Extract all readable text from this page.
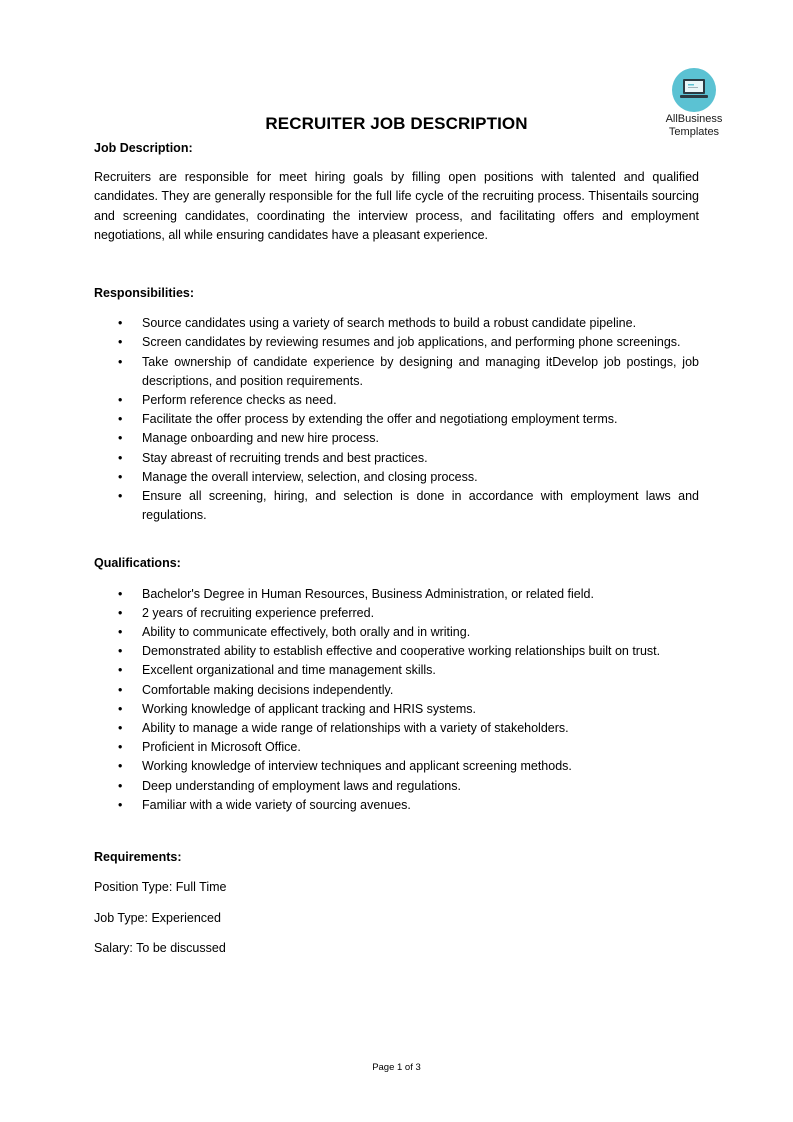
AllBusiness
Templates
RECRUITER JOB DESCRIPTION

Job Description:

Recruiters are responsible for meet hiring goals by filling open positions with talented and qualified candidates. They are generally responsible for the full life cycle of the recruiting process. Thisentails sourcing and screening candidates, coordinating the interview process, and facilitating offers and employment negotiations, all while ensuring candidates have a pleasant experience.

Responsibilities:

• Source candidates using a variety of search methods to build a robust candidate pipeline.
• Screen candidates by reviewing resumes and job applications, and performing phone screenings.
• Take ownership of candidate experience by designing and managing itDevelop job postings, job descriptions, and position requirements.
• Perform reference checks as need.
• Facilitate the offer process by extending the offer and negotiationg employment terms.
• Manage onboarding and new hire process.
• Stay abreast of recruiting trends and best practices.
• Manage the overall interview, selection, and closing process.
• Ensure all screening, hiring, and selection is done in accordance with employment laws and regulations.

Qualifications:

• Bachelor's Degree in Human Resources, Business Administration, or related field.
• 2 years of recruiting experience preferred.
• Ability to communicate effectively, both orally and in writing.
• Demonstrated ability to establish effective and cooperative working relationships built on trust.
• Excellent organizational and time management skills.
• Comfortable making decisions independently.
• Working knowledge of applicant tracking and HRIS systems.
• Ability to manage a wide range of relationships with a variety of stakeholders.
• Proficient in Microsoft Office.
• Working knowledge of interview techniques and applicant screening methods.
• Deep understanding of employment laws and regulations.
• Familiar with a wide variety of sourcing avenues.

Requirements:

Position Type: Full Time

Job Type: Experienced

Salary: To be discussed

Page 1 of 3
